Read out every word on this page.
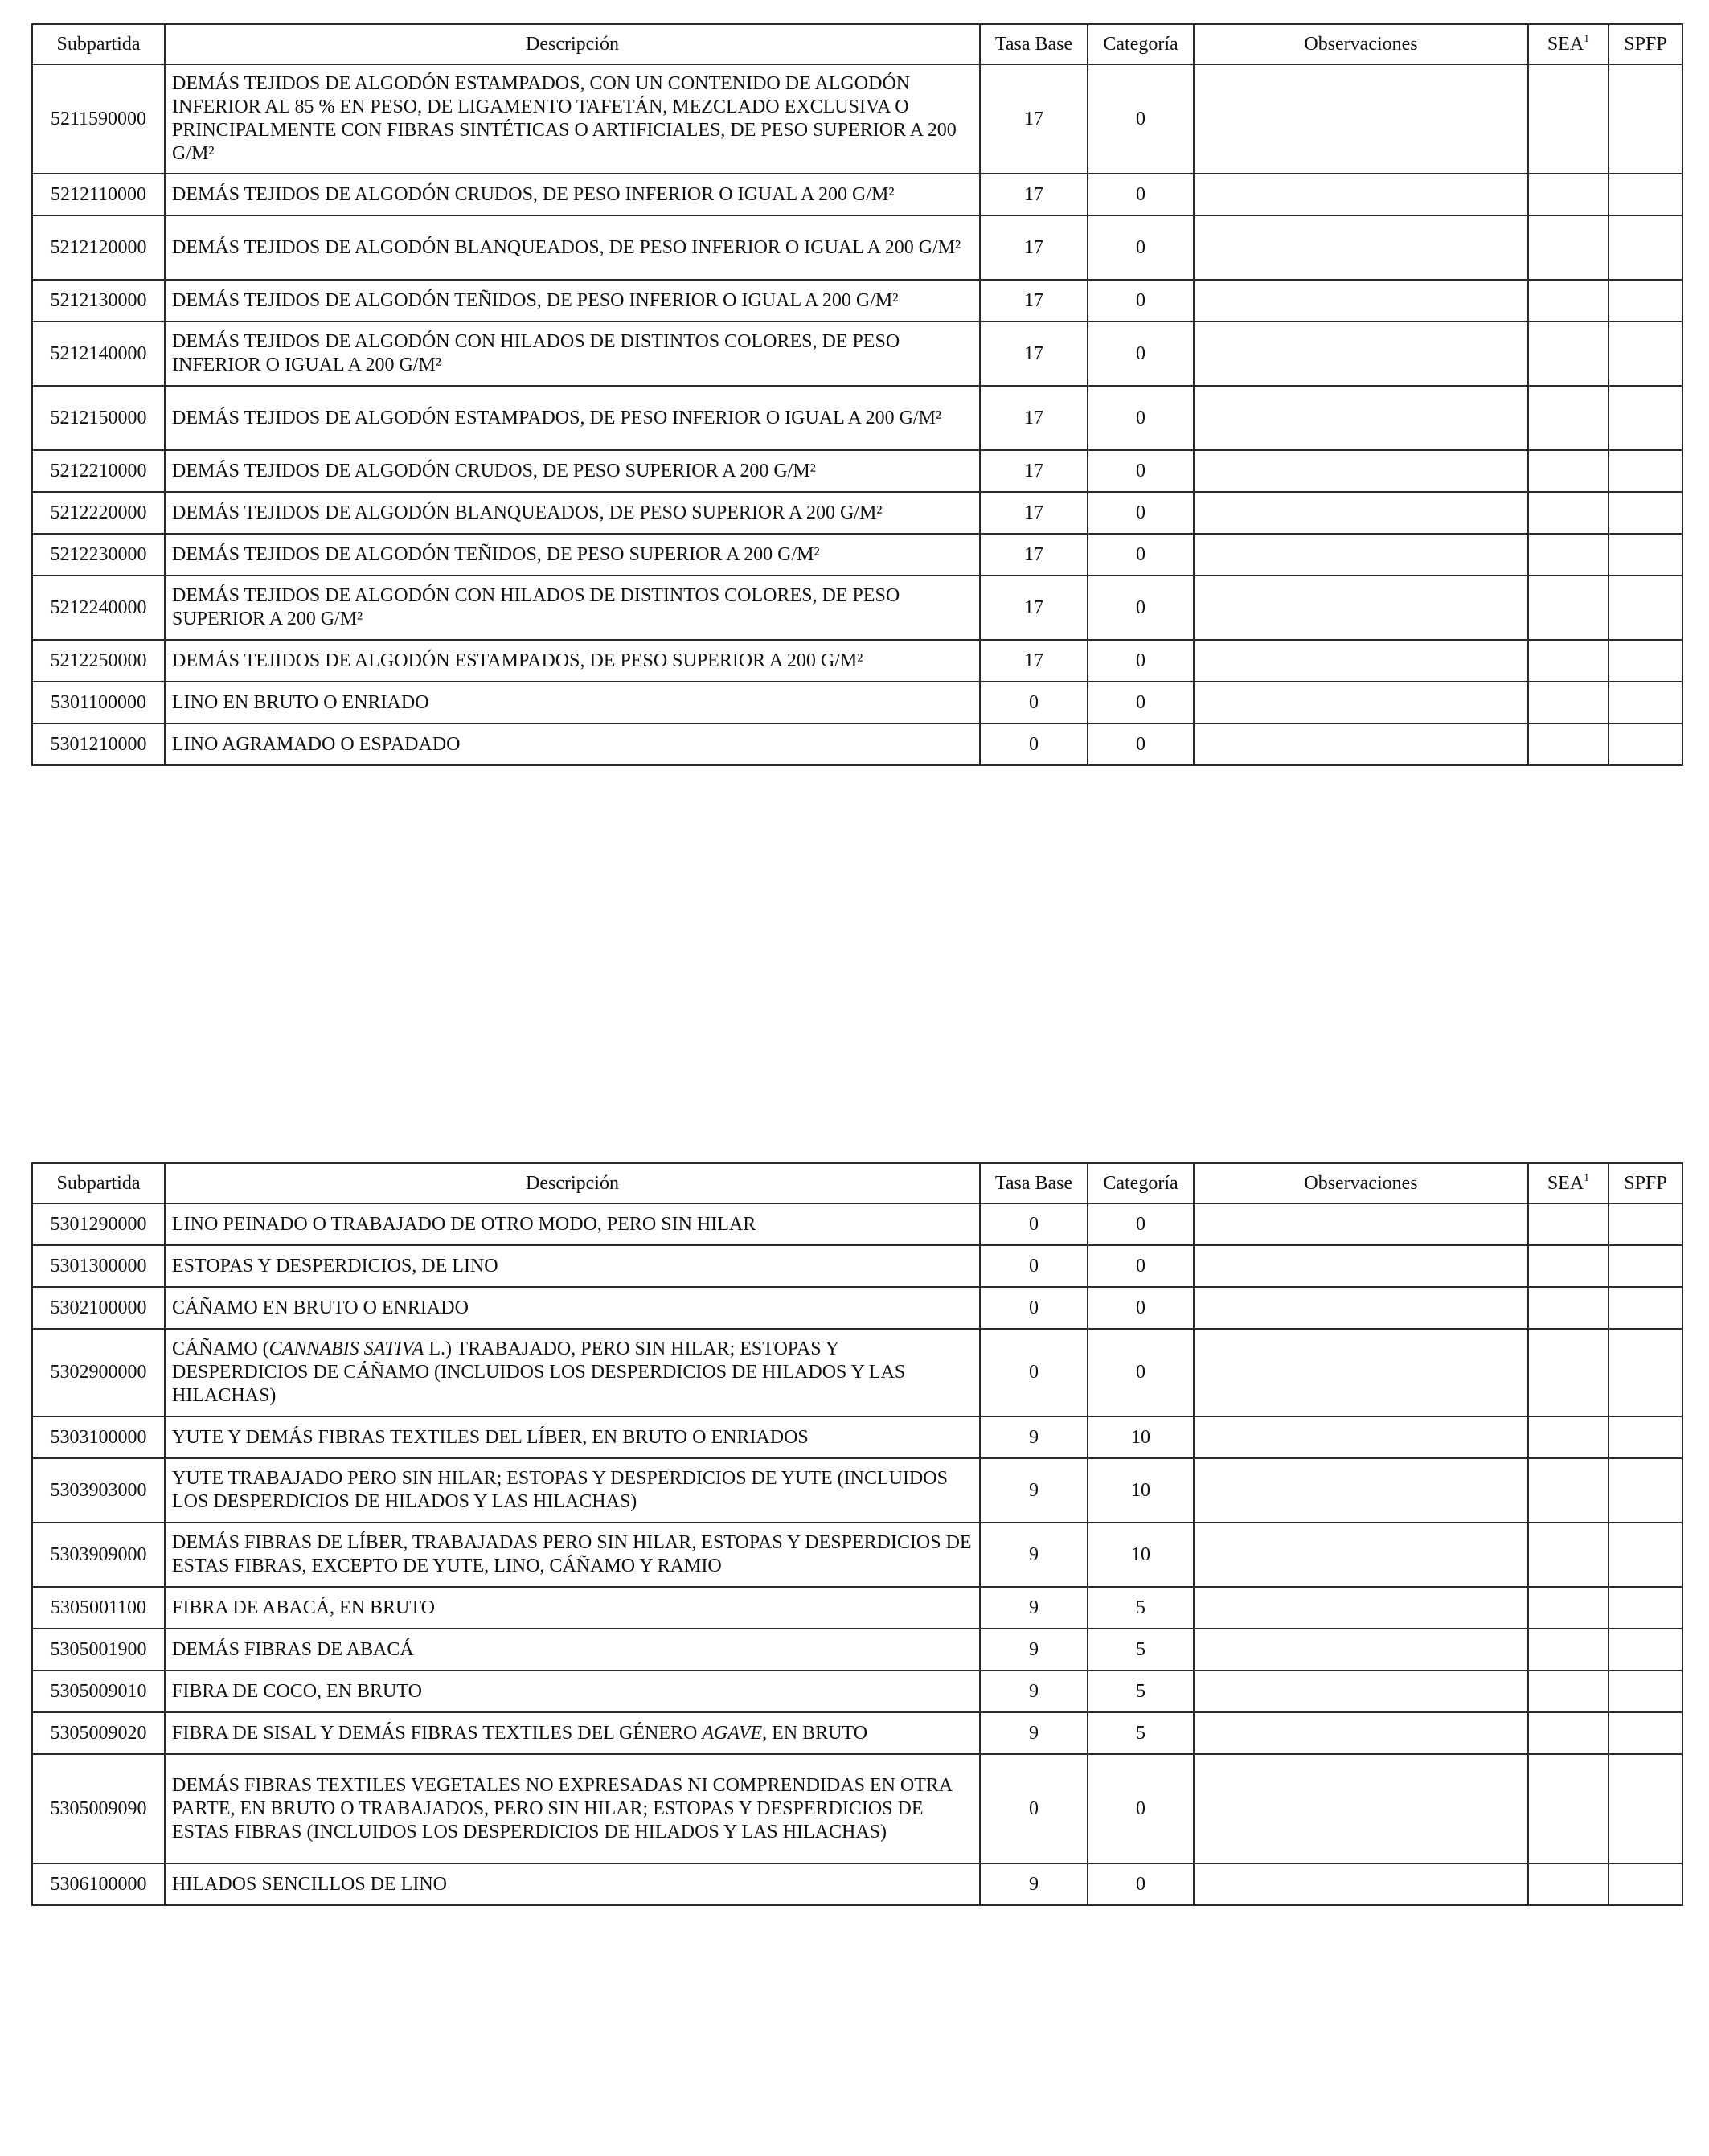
Subpartida	Descripción	Tasa Base	Categoría	Observaciones	SEA$^1$	SPFP
5211590000	DEMÁS TEJIDOS DE ALGODÓN ESTAMPADOS, CON UN CONTENIDO DE ALGODÓN INFERIOR AL 85 % EN PESO, DE LIGAMENTO TAFETÁN, MEZCLADO EXCLUSIVA O PRINCIPALMENTE CON FIBRAS SINTÉTICAS O ARTIFICIALES, DE PESO SUPERIOR A 200 G/M²	17	0			
5212110000	DEMÁS TEJIDOS DE ALGODÓN CRUDOS, DE PESO INFERIOR O IGUAL A 200 G/M²	17	0			
5212120000	DEMÁS TEJIDOS DE ALGODÓN BLANQUEADOS, DE PESO INFERIOR O IGUAL A 200 G/M²	17	0			
5212130000	DEMÁS TEJIDOS DE ALGODÓN TEÑIDOS, DE PESO INFERIOR O IGUAL A 200 G/M²	17	0			
5212140000	DEMÁS TEJIDOS DE ALGODÓN CON HILADOS DE DISTINTOS COLORES, DE PESO INFERIOR O IGUAL A 200 G/M²	17	0			
5212150000	DEMÁS TEJIDOS DE ALGODÓN ESTAMPADOS, DE PESO INFERIOR O IGUAL A 200 G/M²	17	0			
5212210000	DEMÁS TEJIDOS DE ALGODÓN CRUDOS, DE PESO SUPERIOR A 200 G/M²	17	0			
5212220000	DEMÁS TEJIDOS DE ALGODÓN BLANQUEADOS, DE PESO SUPERIOR A 200 G/M²	17	0			
5212230000	DEMÁS TEJIDOS DE ALGODÓN TEÑIDOS, DE PESO SUPERIOR A 200 G/M²	17	0			
5212240000	DEMÁS TEJIDOS DE ALGODÓN CON HILADOS DE DISTINTOS COLORES, DE PESO SUPERIOR A 200 G/M²	17	0			
5212250000	DEMÁS TEJIDOS DE ALGODÓN ESTAMPADOS, DE PESO SUPERIOR A 200 G/M²	17	0			
5301100000	LINO EN BRUTO O ENRIADO	0	0			
5301210000	LINO AGRAMADO O ESPADADO	0	0			
Subpartida	Descripción	Tasa Base	Categoría	Observaciones	SEA$^1$	SPFP
5301290000	LINO PEINADO O TRABAJADO DE OTRO MODO, PERO SIN HILAR	0	0			
5301300000	ESTOPAS Y DESPERDICIOS, DE LINO	0	0			
5302100000	CÁÑAMO EN BRUTO O ENRIADO	0	0			
5302900000	CÁÑAMO (CANNABIS SATIVA L.) TRABAJADO, PERO SIN HILAR; ESTOPAS Y DESPERDICIOS DE CÁÑAMO (INCLUIDOS LOS DESPERDICIOS DE HILADOS Y LAS HILACHAS)	0	0			
5303100000	YUTE Y DEMÁS FIBRAS TEXTILES DEL LÍBER, EN BRUTO O ENRIADOS	9	10			
5303903000	YUTE TRABAJADO PERO SIN HILAR; ESTOPAS Y DESPERDICIOS DE YUTE (INCLUIDOS LOS DESPERDICIOS DE HILADOS Y LAS HILACHAS)	9	10			
5303909000	DEMÁS FIBRAS DE LÍBER, TRABAJADAS PERO SIN HILAR, ESTOPAS Y DESPERDICIOS DE ESTAS FIBRAS, EXCEPTO DE YUTE, LINO, CÁÑAMO Y RAMIO	9	10			
5305001100	FIBRA DE ABACÁ, EN BRUTO	9	5			
5305001900	DEMÁS FIBRAS DE ABACÁ	9	5			
5305009010	FIBRA DE COCO, EN BRUTO	9	5			
5305009020	FIBRA DE SISAL Y DEMÁS FIBRAS TEXTILES DEL GÉNERO AGAVE, EN BRUTO	9	5			
5305009090	DEMÁS FIBRAS TEXTILES VEGETALES NO EXPRESADAS NI COMPRENDIDAS EN OTRA PARTE, EN BRUTO O TRABAJADOS, PERO SIN HILAR; ESTOPAS Y DESPERDICIOS DE ESTAS FIBRAS (INCLUIDOS LOS DESPERDICIOS DE HILADOS Y LAS HILACHAS)	0	0			
5306100000	HILADOS SENCILLOS DE LINO	9	0			
